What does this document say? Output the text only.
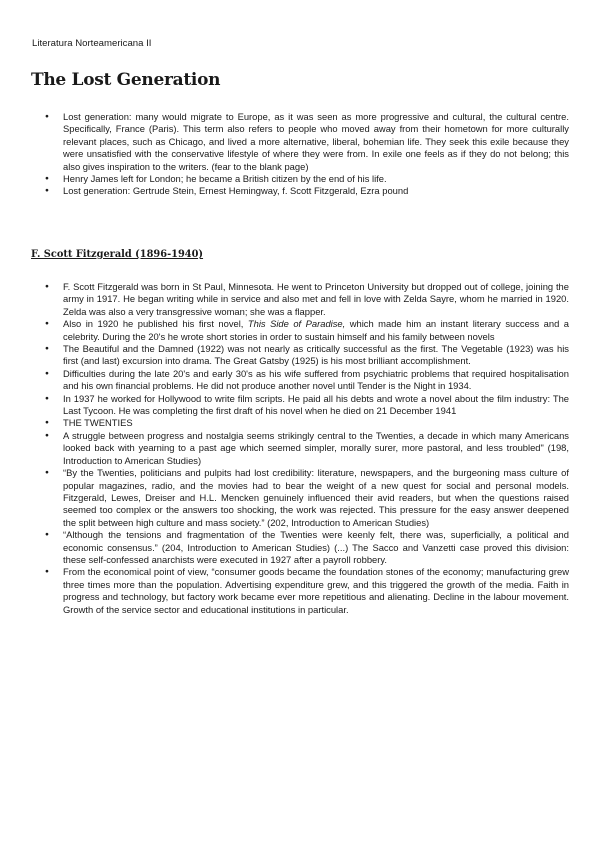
Literatura Norteamericana II
The Lost Generation
● Lost generation: many would migrate to Europe, as it was seen as more progressive and cultural, the cultural centre. Specifically, France (Paris). This term also refers to people who moved away from their hometown for more culturally relevant places, such as Chicago, and lived a more alternative, liberal, bohemian life. They seek this exile because they were unsatisfied with the conservative lifestyle of where they were from. In exile one feels as if they do not belong; this also gives inspiration to the writers. (fear to the blank page)
● Henry James left for London; he became a British citizen by the end of his life.
● Lost generation: Gertrude Stein, Ernest Hemingway, f. Scott Fitzgerald, Ezra pound
F. Scott Fitzgerald (1896-1940)
● F. Scott Fitzgerald was born in St Paul, Minnesota. He went to Princeton University but dropped out of college, joining the army in 1917. He began writing while in service and also met and fell in love with Zelda Sayre, whom he married in 1920. Zelda was also a very transgressive woman; she was a flapper.
● Also in 1920 he published his first novel, This Side of Paradise, which made him an instant literary success and a celebrity. During the 20's he wrote short stories in order to sustain himself and his family between novels
● The Beautiful and the Damned (1922) was not nearly as critically successful as the first. The Vegetable (1923) was his first (and last) excursion into drama. The Great Gatsby (1925) is his most brilliant accomplishment.
● Difficulties during the late 20's and early 30's as his wife suffered from psychiatric problems that required hospitalisation and his own financial problems. He did not produce another novel until Tender is the Night in 1934.
● In 1937 he worked for Hollywood to write film scripts. He paid all his debts and wrote a novel about the film industry: The Last Tycoon. He was completing the first draft of his novel when he died on 21 December 1941
● THE TWENTIES
● A struggle between progress and nostalgia seems strikingly central to the Twenties, a decade in which many Americans looked back with yearning to a past age which seemed simpler, morally surer, more pastoral, and less troubled" (198, Introduction to American Studies)
● “By the Twenties, politicians and pulpits had lost credibility: literature, newspapers, and the burgeoning mass culture of popular magazines, radio, and the movies had to bear the weight of a new quest for social and personal models. Fitzgerald, Lewes, Dreiser and H.L. Mencken genuinely influenced their avid readers, but when the questions raised seemed too complex or the answers too shocking, the work was rejected. This pressure for the easy answer deepened the split between high culture and mass society.” (202, Introduction to American Studies)
● “Although the tensions and fragmentation of the Twenties were keenly felt, there was, superficially, a political and economic consensus.” (204, Introduction to American Studies) (...) The Sacco and Vanzetti case proved this division: these self-confessed anarchists were executed in 1927 after a payroll robbery.
● From the economical point of view, “consumer goods became the foundation stones of the economy; manufacturing grew three times more than the population. Advertising expenditure grew, and this triggered the growth of the media. Faith in progress and technology, but factory work became ever more repetitious and alienating. Decline in the labour movement. Growth of the service sector and educational institutions in particular.
